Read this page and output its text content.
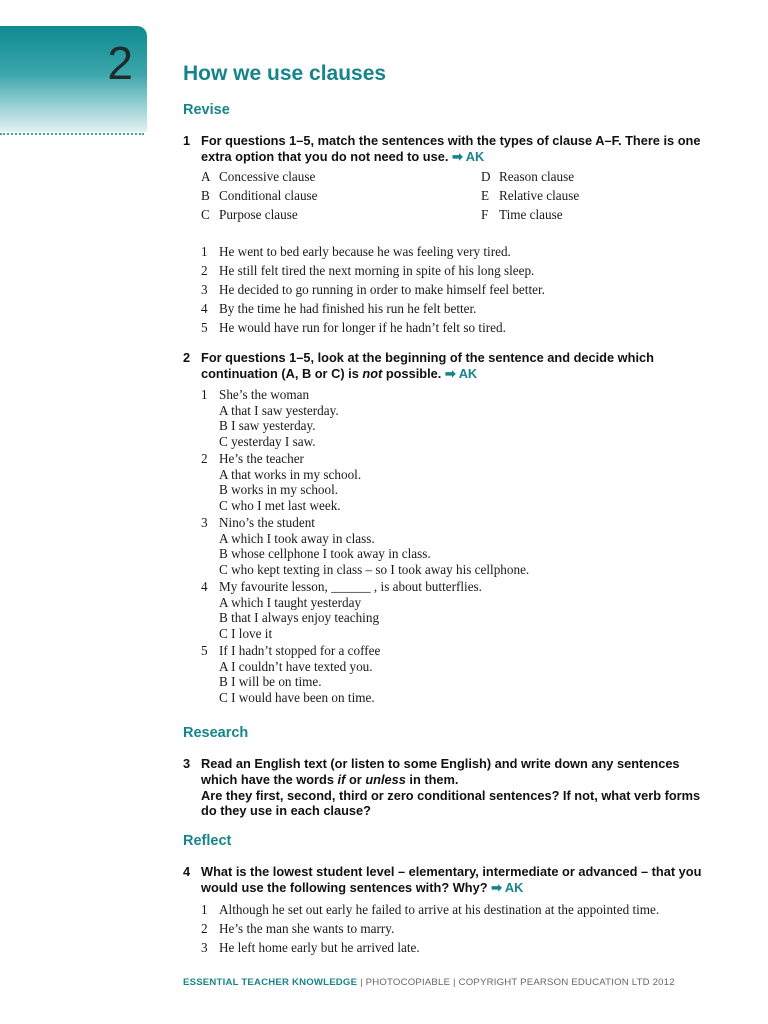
2 How we use clauses
Revise
1 For questions 1–5, match the sentences with the types of clause A–F. There is one extra option that you do not need to use. ➡ AK
A Concessive clause	D Reason clause
B Conditional clause	E Relative clause
C Purpose clause	F Time clause
1 He went to bed early because he was feeling very tired.
2 He still felt tired the next morning in spite of his long sleep.
3 He decided to go running in order to make himself feel better.
4 By the time he had finished his run he felt better.
5 He would have run for longer if he hadn’t felt so tired.
2 For questions 1–5, look at the beginning of the sentence and decide which continuation (A, B or C) is not possible. ➡ AK
1 She’s the woman
A that I saw yesterday.
B I saw yesterday.
C yesterday I saw.
2 He’s the teacher
A that works in my school.
B works in my school.
C who I met last week.
3 Nino’s the student
A which I took away in class.
B whose cellphone I took away in class.
C who kept texting in class – so I took away his cellphone.
4 My favourite lesson, ______ , is about butterflies.
A which I taught yesterday
B that I always enjoy teaching
C I love it
5 If I hadn’t stopped for a coffee
A I couldn’t have texted you.
B I will be on time.
C I would have been on time.
Research
3 Read an English text (or listen to some English) and write down any sentences which have the words if or unless in them.
Are they first, second, third or zero conditional sentences? If not, what verb forms do they use in each clause?
Reflect
4 What is the lowest student level – elementary, intermediate or advanced – that you would use the following sentences with? Why? ➡ AK
1 Although he set out early he failed to arrive at his destination at the appointed time.
2 He’s the man she wants to marry.
3 He left home early but he arrived late.
ESSENTIAL TEACHER KNOWLEDGE | PHOTOCOPIABLE | COPYRIGHT PEARSON EDUCATION LTD 2012
